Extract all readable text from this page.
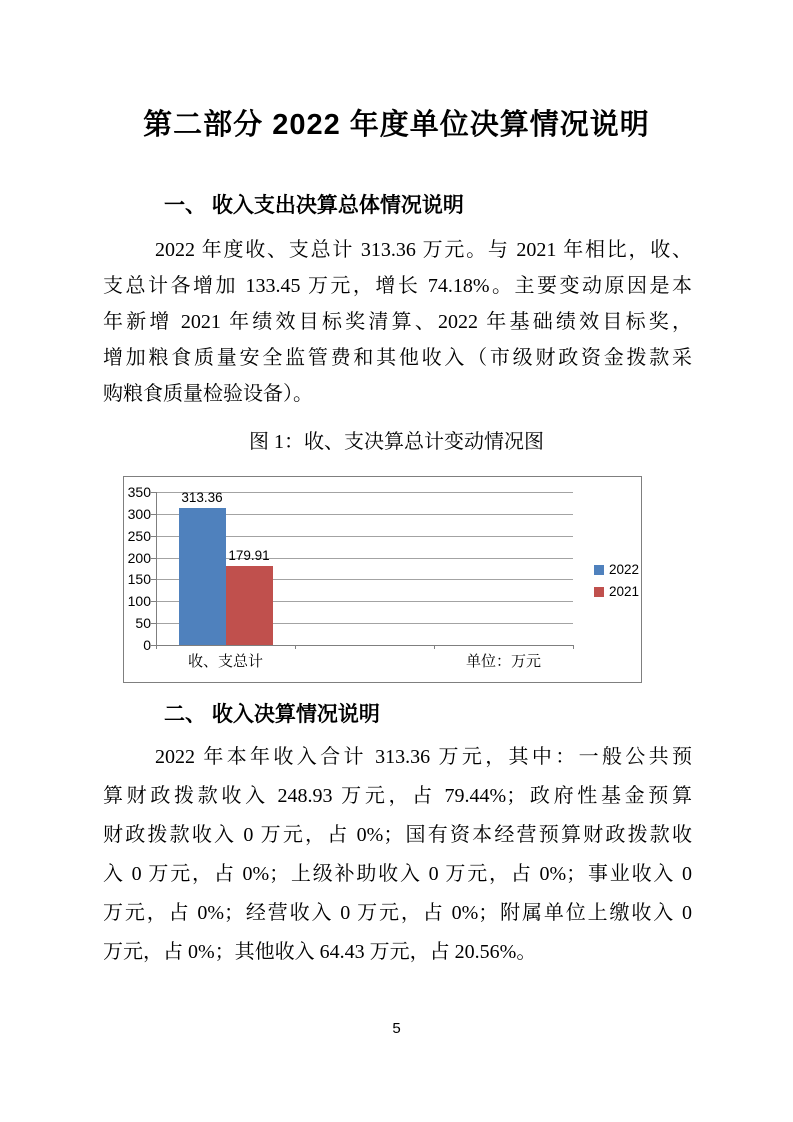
第二部分 2022 年度单位决算情况说明
一、 收入支出决算总体情况说明
2022 年度收、支总计 313.36 万元。与 2021 年相比，收、
支总计各增加 133.45 万元，增长 74.18%。主要变动原因是本
年新增 2021 年绩效目标奖清算、2022 年基础绩效目标奖，
增加粮食质量安全监管费和其他收入（市级财政资金拨款采
购粮食质量检验设备）。
图 1：收、支决算总计变动情况图
0
50
100
150
200
250
300
350	313.36
179.91
收、支总计	单位：万元
2022
2021
二、 收入决算情况说明
2022 年本年收入合计 313.36 万元，其中：一般公共预
算财政拨款收入 248.93 万元，占 79.44%；政府性基金预算
财政拨款收入 0 万元，占 0%；国有资本经营预算财政拨款收
入 0 万元，占 0%；上级补助收入 0 万元，占 0%；事业收入 0
万元，占 0%；经营收入 0 万元，占 0%；附属单位上缴收入 0
万元，占 0%；其他收入 64.43 万元，占 20.56%。
5
